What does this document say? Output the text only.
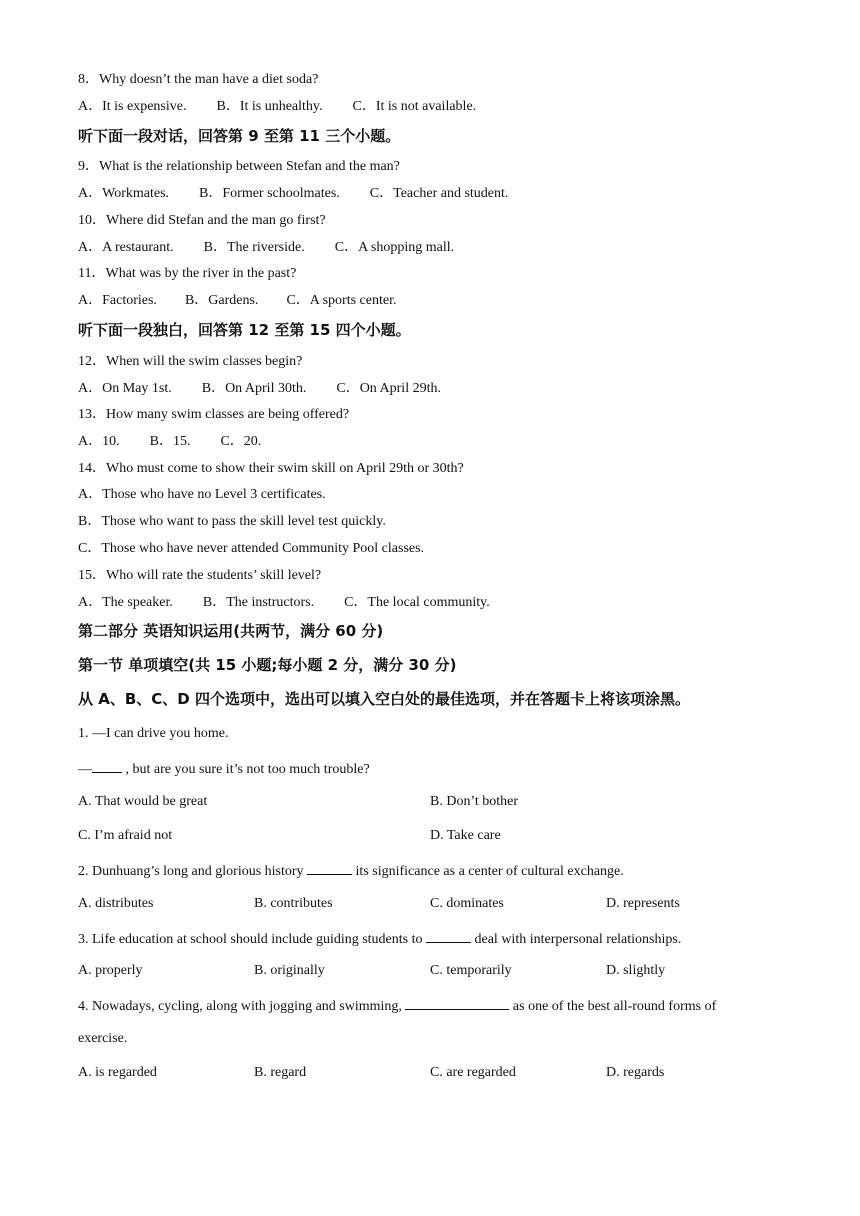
8．Why doesn’t the man have a diet soda?
A．It is expensive. B．It is unhealthy. C．It is not available.
听下面一段对话，回答第 9 至第 11 三个小题。
9．What is the relationship between Stefan and the man?
A．Workmates. B．Former schoolmates. C．Teacher and student.
10．Where did Stefan and the man go first?
A．A restaurant. B．The riverside. C．A shopping mall.
11．What was by the river in the past?
A．Factories. B．Gardens. C．A sports center.
听下面一段独白，回答第 12 至第 15 四个小题。
12．When will the swim classes begin?
A．On May 1st. B．On April 30th. C．On April 29th.
13．How many swim classes are being offered?
A．10. B．15. C．20.
14．Who must come to show their swim skill on April 29th or 30th?
A．Those who have no Level 3 certificates.
B．Those who want to pass the skill level test quickly.
C．Those who have never attended Community Pool classes.
15．Who will rate the students’ skill level?
A．The speaker. B．The instructors. C．The local community.
第二部分 英语知识运用(共两节，满分 60 分)
第一节 单项填空(共 15 小题;每小题 2 分，满分 30 分)
从 A、B、C、D 四个选项中，选出可以填入空白处的最佳选项，并在答题卡上将该项涂黑。
1. —I can drive you home.
— , but are you sure it’s not too much trouble?
A. That would be great	B. Don’t bother
C. I’m afraid not	D. Take care
2. Dunhuang’s long and glorious history	its significance as a center of cultural exchange.
A. distributes	B. contributes	C. dominates	D. represents
3. Life education at school should include guiding students to	deal with interpersonal relationships.
A. properly	B. originally	C. temporarily	D. slightly
4. Nowadays, cycling, along with jogging and swimming,	as one of the best all-round forms of
exercise.
A. is regarded	B. regard	C. are regarded	D. regards
